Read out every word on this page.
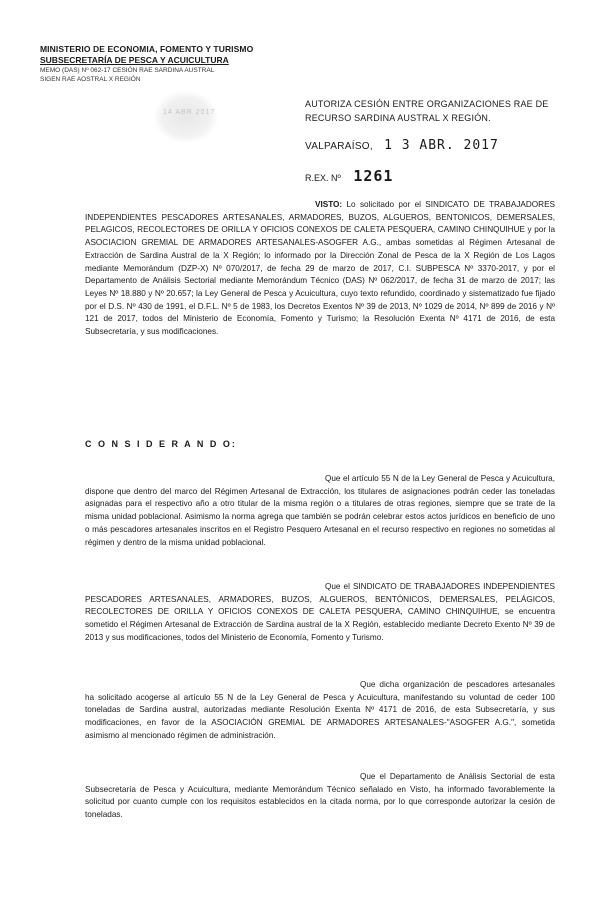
MINISTERIO DE ECONOMIA, FOMENTO Y TURISMO
SUBSECRETARÍA DE PESCA Y ACUICULTURA
MEMO (DAS) Nº 062-17 CESIÓN RAE SARDINA AUSTRAL
SIGEN RAE AOSTRAL X REGIÓN
14 ABR 2017
AUTORIZA CESIÓN ENTRE ORGANIZACIONES RAE DE RECURSO SARDINA AUSTRAL X REGIÓN.
VALPARAÍSO, 1 3 ABR. 2017
R.EX. Nº 1261

VISTO: Lo solicitado por el SINDICATO DE TRABAJADORES INDEPENDIENTES PESCADORES ARTESANALES, ARMADORES, BUZOS, ALGUEROS, BENTONICOS, DEMERSALES, PELAGICOS, RECOLECTORES DE ORILLA Y OFICIOS CONEXOS DE CALETA PESQUERA, CAMINO CHINQUIHUE y por la ASOCIACION GREMIAL DE ARMADORES ARTESANALES-ASOGFER A.G., ambas sometidas al Régimen Artesanal de Extracción de Sardina Austral de la X Región; lo informado por la Dirección Zonal de Pesca de la X Región de Los Lagos mediante Memorándum (DZP-X) Nº 070/2017, de fecha 29 de marzo de 2017, C.I. SUBPESCA Nº 3370-2017, y por el Departamento de Análisis Sectorial mediante Memorándum Técnico (DAS) Nº 062/2017, de fecha 31 de marzo de 2017; las Leyes Nº 18.880 y Nº 20.657; la Ley General de Pesca y Acuicultura, cuyo texto refundido, coordinado y sistematizado fue fijado por el D.S. Nº 430 de 1991, el D.F.L. Nº 5 de 1983, los Decretos Exentos Nº 39 de 2013, Nº 1029 de 2014, Nº 899 de 2016 y Nº 121 de 2017, todos del Ministerio de Economía, Fomento y Turismo; la Resolución Exenta Nº 4171 de 2016, de esta Subsecretaría, y sus modificaciones.

C O N S I D E R A N D O:

Que el artículo 55 N de la Ley General de Pesca y Acuicultura, dispone que dentro del marco del Régimen Artesanal de Extracción, los titulares de asignaciones podrán ceder las toneladas asignadas para el respectivo año a otro titular de la misma región o a titulares de otras regiones, siempre que se trate de la misma unidad poblacional. Asimismo la norma agrega que también se podrán celebrar estos actos jurídicos en beneficio de uno o más pescadores artesanales inscritos en el Registro Pesquero Artesanal en el recurso respectivo en regiones no sometidas al régimen y dentro de la misma unidad poblacional.

Que el SINDICATO DE TRABAJADORES INDEPENDIENTES PESCADORES ARTESANALES, ARMADORES, BUZOS, ALGUEROS, BENTÓNICOS, DEMERSALES, PELÁGICOS, RECOLECTORES DE ORILLA Y OFICIOS CONEXOS DE CALETA PESQUERA, CAMINO CHINQUIHUE, se encuentra sometido el Régimen Artesanal de Extracción de Sardina austral de la X Región, establecido mediante Decreto Exento Nº 39 de 2013 y sus modificaciones, todos del Ministerio de Economía, Fomento y Turismo.

Que dicha organización de pescadores artesanales ha solicitado acogerse al artículo 55 N de la Ley General de Pesca y Acuicultura, manifestando su voluntad de ceder 100 toneladas de Sardina austral, autorizadas mediante Resolución Exenta Nº 4171 de 2016, de esta Subsecretaría, y sus modificaciones, en favor de la ASOCIACIÓN GREMIAL DE ARMADORES ARTESANALES-"ASOGFER A.G.", sometida asimismo al mencionado régimen de administración.

Que el Departamento de Análisis Sectorial de esta Subsecretaría de Pesca y Acuicultura, mediante Memorándum Técnico señalado en Visto, ha informado favorablemente la solicitud por cuanto cumple con los requisitos establecidos en la citada norma, por lo que corresponde autorizar la cesión de toneladas.
